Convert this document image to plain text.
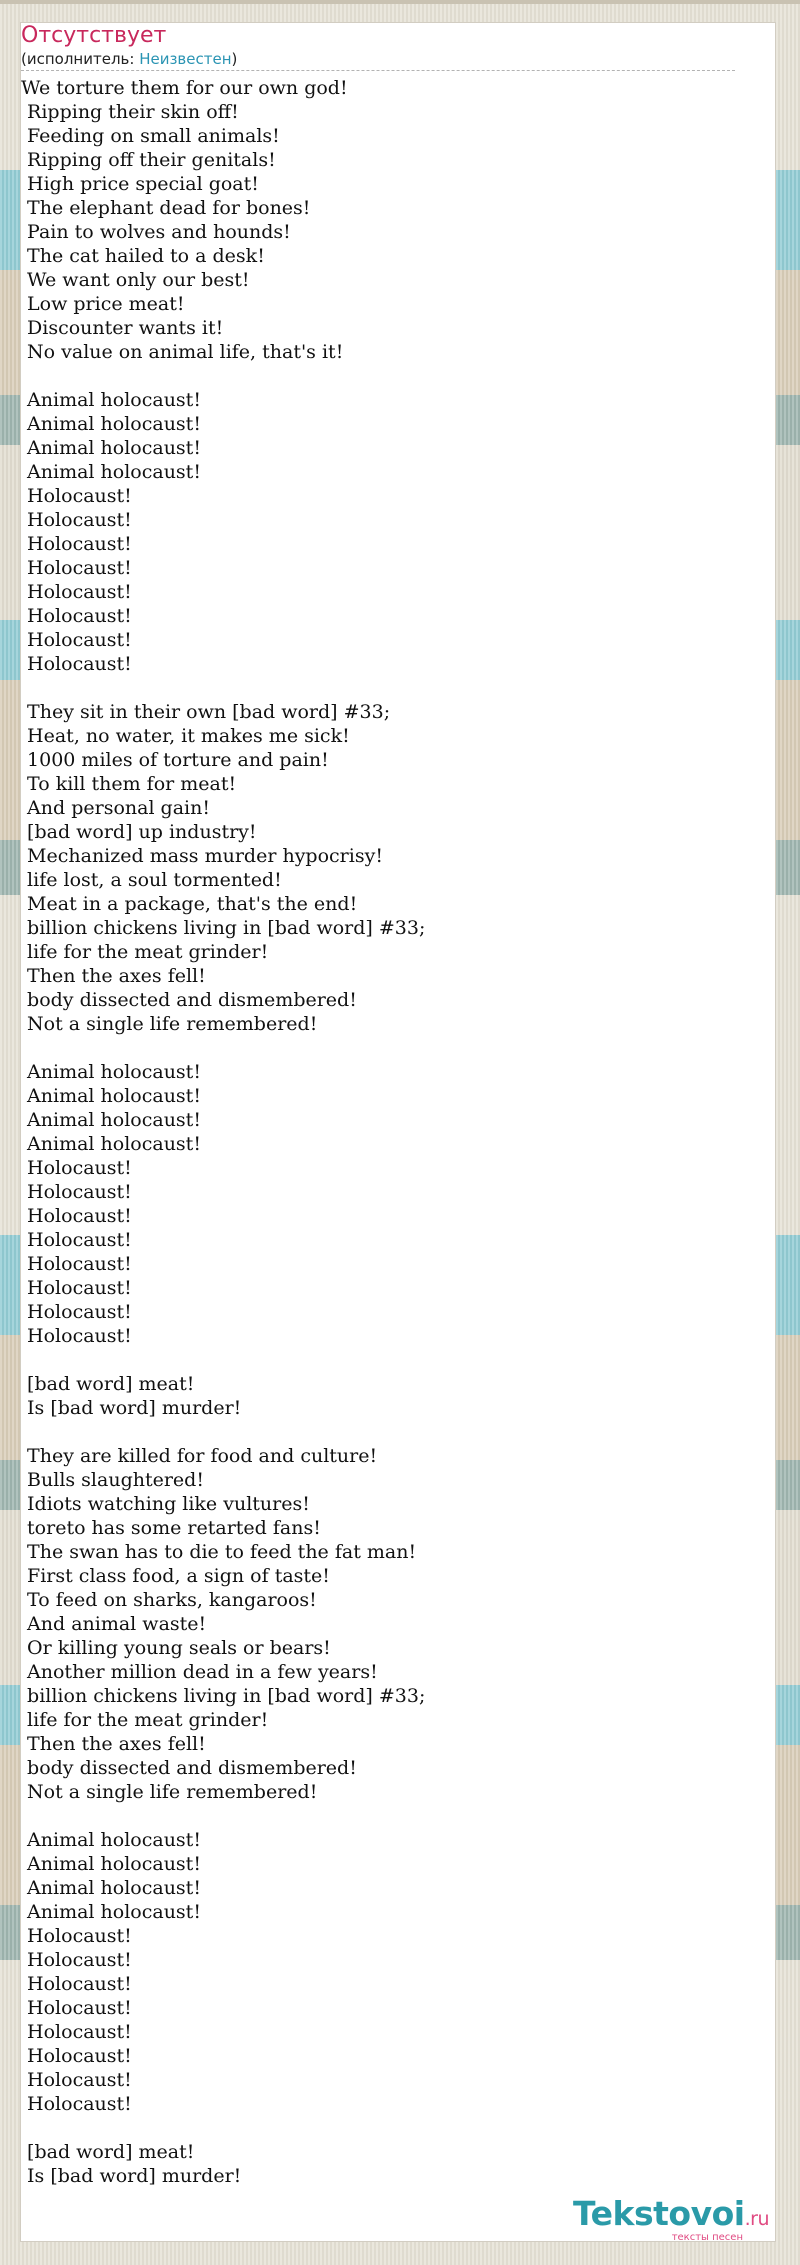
Отсутствует
(исполнитель: Неизвестен)
We torture them for our own god!
Ripping their skin off!
Feeding on small animals!
Ripping off their genitals!
High price special goat!
The elephant dead for bones!
Pain to wolves and hounds!
The cat hailed to a desk!
We want only our best!
Low price meat!
Discounter wants it!
No value on animal life, that's it!

Animal holocaust!
Animal holocaust!
Animal holocaust!
Animal holocaust!
Holocaust!
Holocaust!
Holocaust!
Holocaust!
Holocaust!
Holocaust!
Holocaust!
Holocaust!

They sit in their own [bad word] #33;
Heat, no water, it makes me sick!
1000 miles of torture and pain!
To kill them for meat!
And personal gain!
[bad word] up industry!
Mechanized mass murder hypocrisy!
life lost, a soul tormented!
Meat in a package, that's the end!
billion chickens living in [bad word] #33;
life for the meat grinder!
Then the axes fell!
body dissected and dismembered!
Not a single life remembered!

Animal holocaust!
Animal holocaust!
Animal holocaust!
Animal holocaust!
Holocaust!
Holocaust!
Holocaust!
Holocaust!
Holocaust!
Holocaust!
Holocaust!
Holocaust!

[bad word] meat!
Is [bad word] murder!

They are killed for food and culture!
Bulls slaughtered!
Idiots watching like vultures!
toreto has some retarted fans!
The swan has to die to feed the fat man!
First class food, a sign of taste!
To feed on sharks, kangaroos!
And animal waste!
Or killing young seals or bears!
Another million dead in a few years!
billion chickens living in [bad word] #33;
life for the meat grinder!
Then the axes fell!
body dissected and dismembered!
Not a single life remembered!

Animal holocaust!
Animal holocaust!
Animal holocaust!
Animal holocaust!
Holocaust!
Holocaust!
Holocaust!
Holocaust!
Holocaust!
Holocaust!
Holocaust!
Holocaust!

[bad word] meat!
Is [bad word] murder!
Tekstovoi.ru
тексты песен
